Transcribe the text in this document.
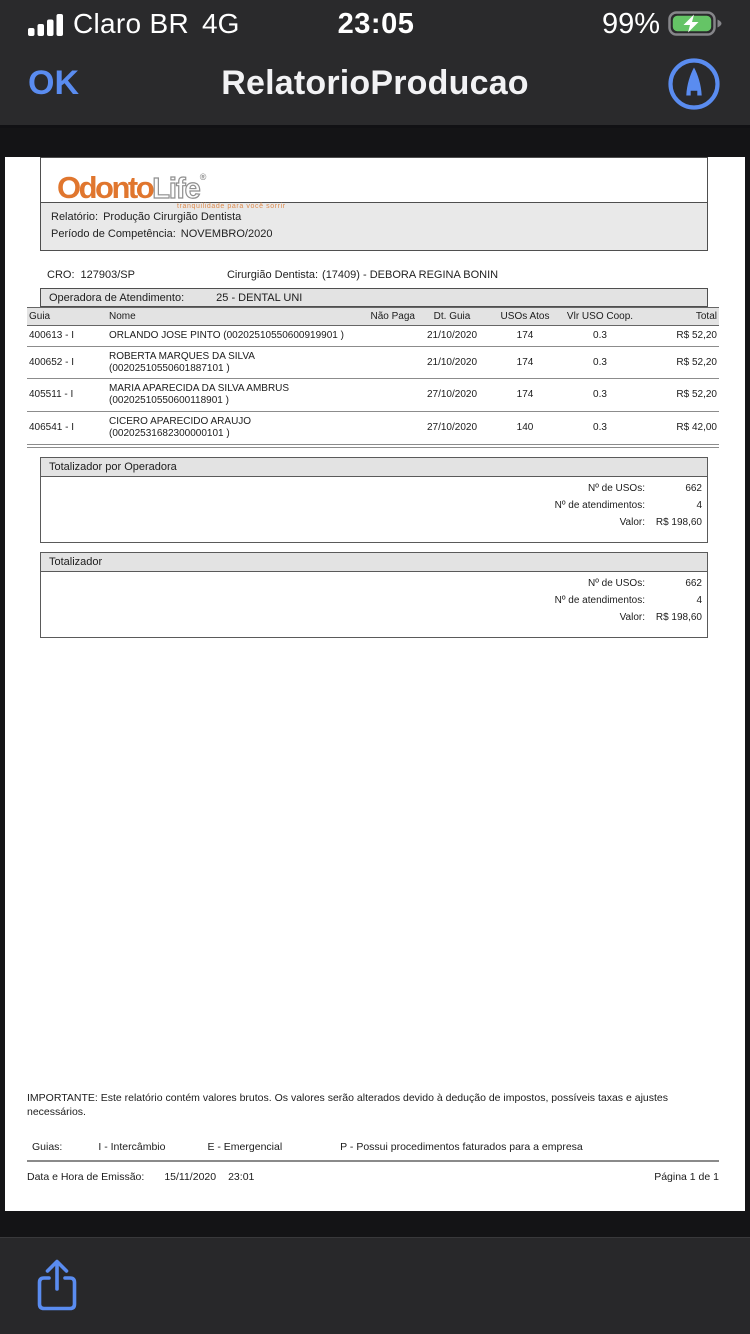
Claro BR 4G	23:05	99%
OK	RelatorioProducao
OdontoLife®
tranquilidade para você sorrir
Relatório: Produção Cirurgião Dentista
Período de Competência: NOVEMBRO/2020
CRO: 127903/SP	Cirurgião Dentista: (17409) - DEBORA REGINA BONIN
Operadora de Atendimento:	25 - DENTAL UNI
Guia	Nome	Não Paga	Dt. Guia	USOs Atos	Vlr USO Coop.	Total
400613 - I	ORLANDO JOSE PINTO (00202510550600919901 )		21/10/2020	174	0.3	R$ 52,20
400652 - I	ROBERTA MARQUES DA SILVA (00202510550601887101 )		21/10/2020	174	0.3	R$ 52,20
405511 - I	MARIA APARECIDA DA SILVA AMBRUS (00202510550600118901 )		27/10/2020	174	0.3	R$ 52,20
406541 - I	CICERO APARECIDO ARAUJO (00202531682300000101 )		27/10/2020	140	0.3	R$ 42,00
Totalizador por Operadora
Nº de USOs:	662
Nº de atendimentos:	4
Valor:	R$ 198,60
Totalizador
Nº de USOs:	662
Nº de atendimentos:	4
Valor:	R$ 198,60
IMPORTANTE: Este relatório contém valores brutos. Os valores serão alterados devido à dedução de impostos, possíveis taxas e ajustes necessários.
Guias:	I - Intercâmbio	E - Emergencial	P - Possui procedimentos faturados para a empresa
Data e Hora de Emissão: 15/11/2020 23:01	Página 1 de 1
